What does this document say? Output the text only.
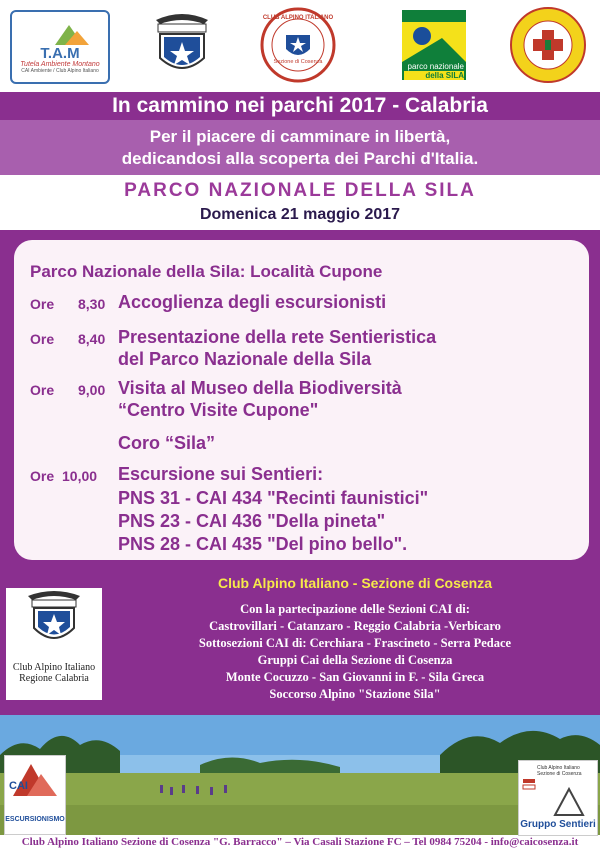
T.A.M
Tutela Ambiente Montano
CAI Ambiente / Club Alpino Italiano
CLUB ALPINO ITALIANO
Sezione di Cosenza	parco nazionale
della SILA
In cammino nei parchi 2017 - Calabria
Per il piacere di camminare in libertà,
dedicandosi alla scoperta dei Parchi d'Italia.
PARCO NAZIONALE DELLA SILA
Domenica 21 maggio 2017
Parco Nazionale della Sila: Località Cupone
Ore 8,30 Accoglienza degli escursionisti
Ore 8,40 Presentazione della rete Sentieristica
del Parco Nazionale della Sila
Ore 9,00 Visita al Museo della Biodiversità
“Centro Visite Cupone"
Coro “Sila”
Ore 10,00 Escursione sui Sentieri:
PNS 31 - CAI 434 "Recinti faunistici"
PNS 23 - CAI 436 "Della pineta"
PNS 28 - CAI 435 "Del pino bello".
Club Alpino Italiano
Regione Calabria
Club Alpino Italiano - Sezione di Cosenza
Con la partecipazione delle Sezioni CAI di:
Castrovillari - Catanzaro - Reggio Calabria -Verbicaro
Sottosezioni CAI di: Cerchiara - Frascineto - Serra Pedace
Gruppi Cai della Sezione di Cosenza
Monte Cocuzzo - San Giovanni in F. - Sila Greca
Soccorso Alpino "Stazione Sila"
CAI
ESCURSIONISMO
Club Alpino Italiano Sezione di Cosenza
Gruppo Sentieri
Club Alpino Italiano Sezione di Cosenza "G. Barracco" – Via Casali Stazione FC – Tel 0984 75204 - info@caicosenza.it
